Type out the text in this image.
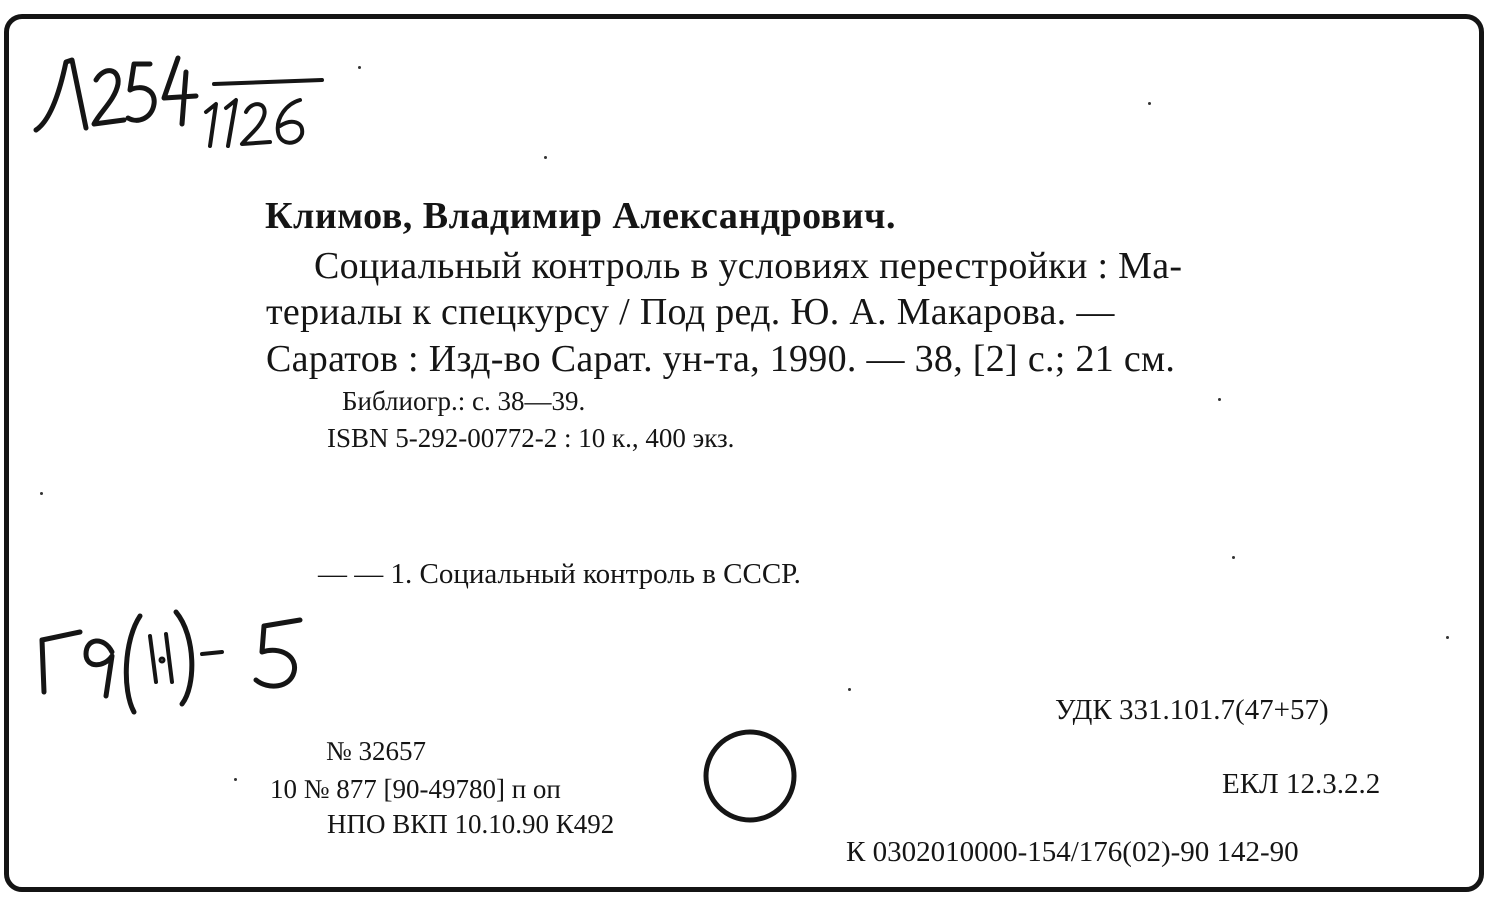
Климов, Владимир Александрович.
Социальный контроль в условиях перестройки : Ма-
териалы к спецкурсу / Под ред. Ю. А. Макарова. —
Саратов : Изд-во Сарат. ун-та, 1990. — 38, [2] с.; 21 см.
Библиогр.: с. 38—39.
ISBN 5-292-00772-2 : 10 к., 400 экз.
— — 1. Социальный контроль в СССР.
УДК 331.101.7(47+57)
ЕКЛ 12.3.2.2
К 0302010000-154/176(02)-90 142-90
№ 32657
10 № 877 [90-49780] п оп
НПО ВКП 10.10.90 К492
